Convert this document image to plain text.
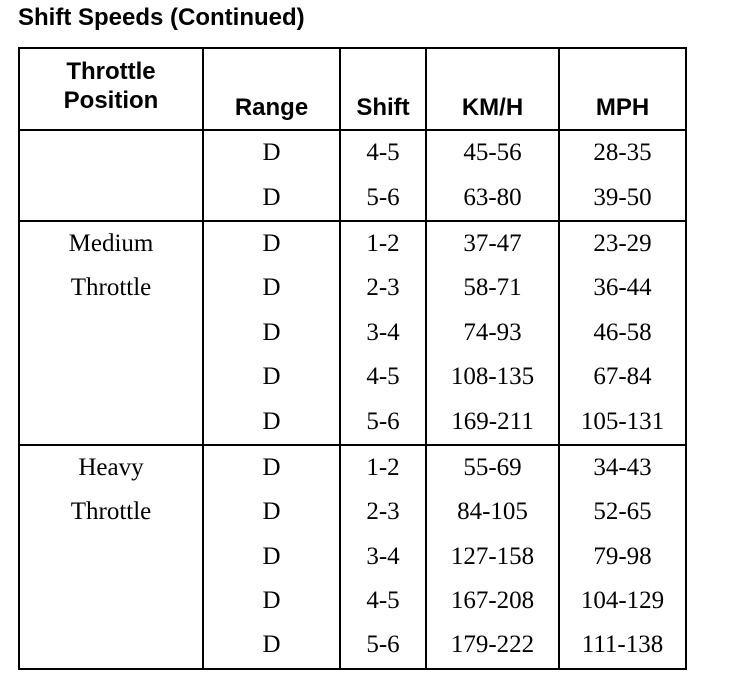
Shift Speeds (Continued)
Throttle
Position	Range	Shift	KM/H	MPH

	D	4-5	45-56	28-35
	D	5-6	63-80	39-50

Medium
Throttle	D	1-2	37-47	23-29
	D	2-3	58-71	36-44
	D	3-4	74-93	46-58
	D	4-5	108-135	67-84
	D	5-6	169-211	105-131

Heavy
Throttle	D	1-2	55-69	34-43
	D	2-3	84-105	52-65
	D	3-4	127-158	79-98
	D	4-5	167-208	104-129
	D	5-6	179-222	111-138
